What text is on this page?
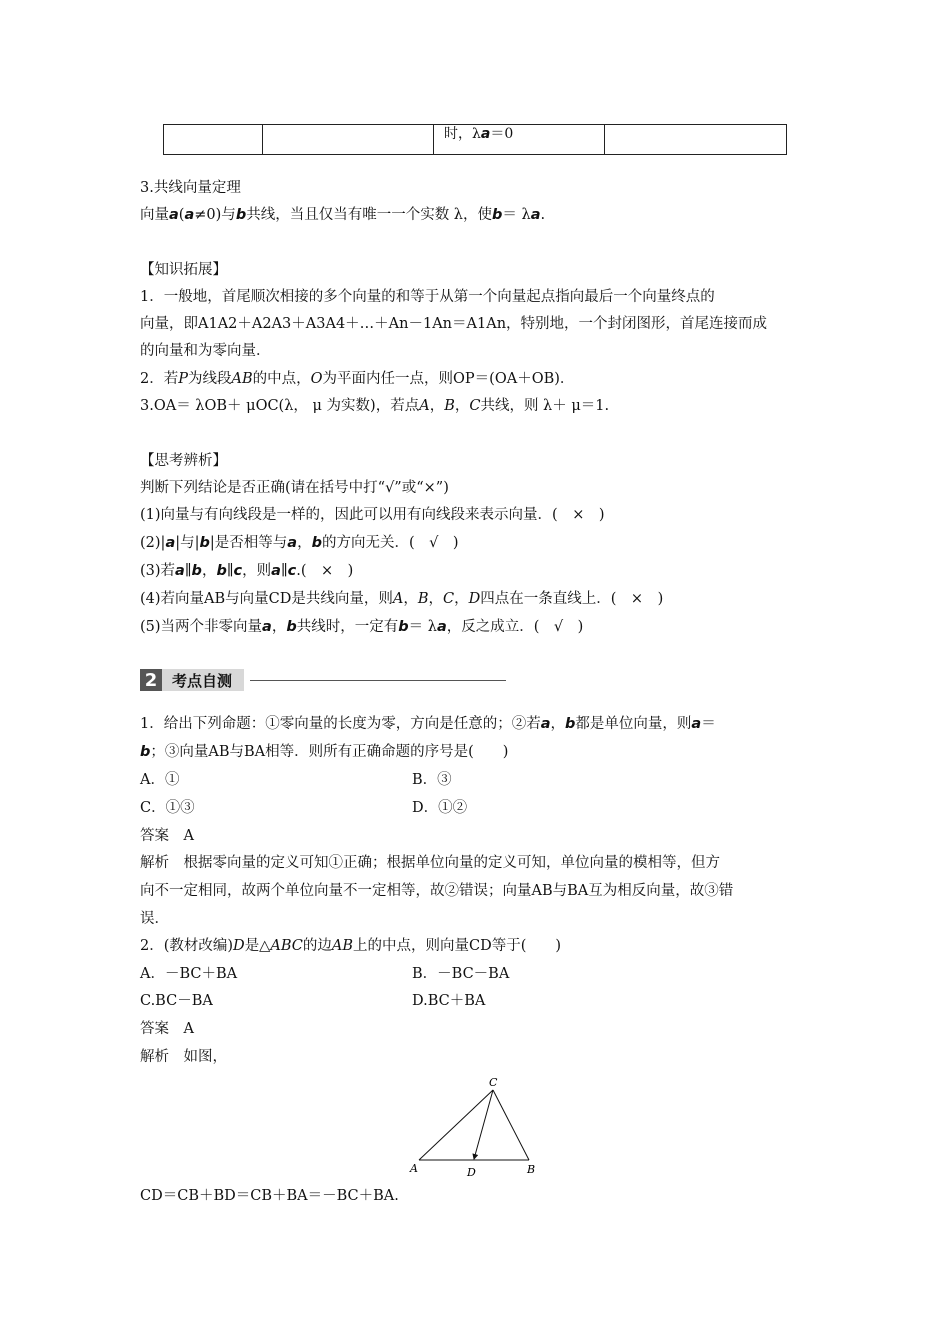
		时，λa＝0	
3.共线向量定理
向量a(a≠0)与b共线，当且仅当有唯一一个实数 λ，使b＝ λa.
【知识拓展】
1．一般地，首尾顺次相接的多个向量的和等于从第一个向量起点指向最后一个向量终点的
向量，即A1A2＋A2A3＋A3A4＋…＋An－1An＝A1An，特别地，一个封闭图形，首尾连接而成
的向量和为零向量．
2．若P为线段AB的中点，O为平面内任一点，则OP＝(OA＋OB)．
3.OA＝ λOB＋ μOC(λ， μ 为实数)，若点A，B，C共线，则 λ＋ μ＝1.
【思考辨析】
判断下列结论是否正确(请在括号中打“√”或“×”)
(1)向量与有向线段是一样的，因此可以用有向线段来表示向量．(　×　)
(2)|a|与|b|是否相等与a，b的方向无关．(　√　)
(3)若a∥b，b∥c，则a∥c.(　×　)
(4)若向量AB与向量CD是共线向量，则A，B，C，D四点在一条直线上．(　×　)
(5)当两个非零向量a，b共线时，一定有b＝ λa，反之成立．(　√　)
2 考点自测
1．给出下列命题：①零向量的长度为零，方向是任意的；②若a，b都是单位向量，则a＝
b；③向量AB与BA相等．则所有正确命题的序号是(　　)
A．①	B．③
C．①③	D．①②
答案　A
解析　根据零向量的定义可知①正确；根据单位向量的定义可知，单位向量的模相等，但方
向不一定相同，故两个单位向量不一定相等，故②错误；向量AB与BA互为相反向量，故③错
误．
2．(教材改编)D是△ABC的边AB上的中点，则向量CD等于(　　)
A．－BC＋BA	B．－BC－BA
C.BC－BA	D.BC＋BA
答案　A
解析　如图，
C
A	D	B
CD＝CB＋BD＝CB＋BA＝－BC＋BA.
